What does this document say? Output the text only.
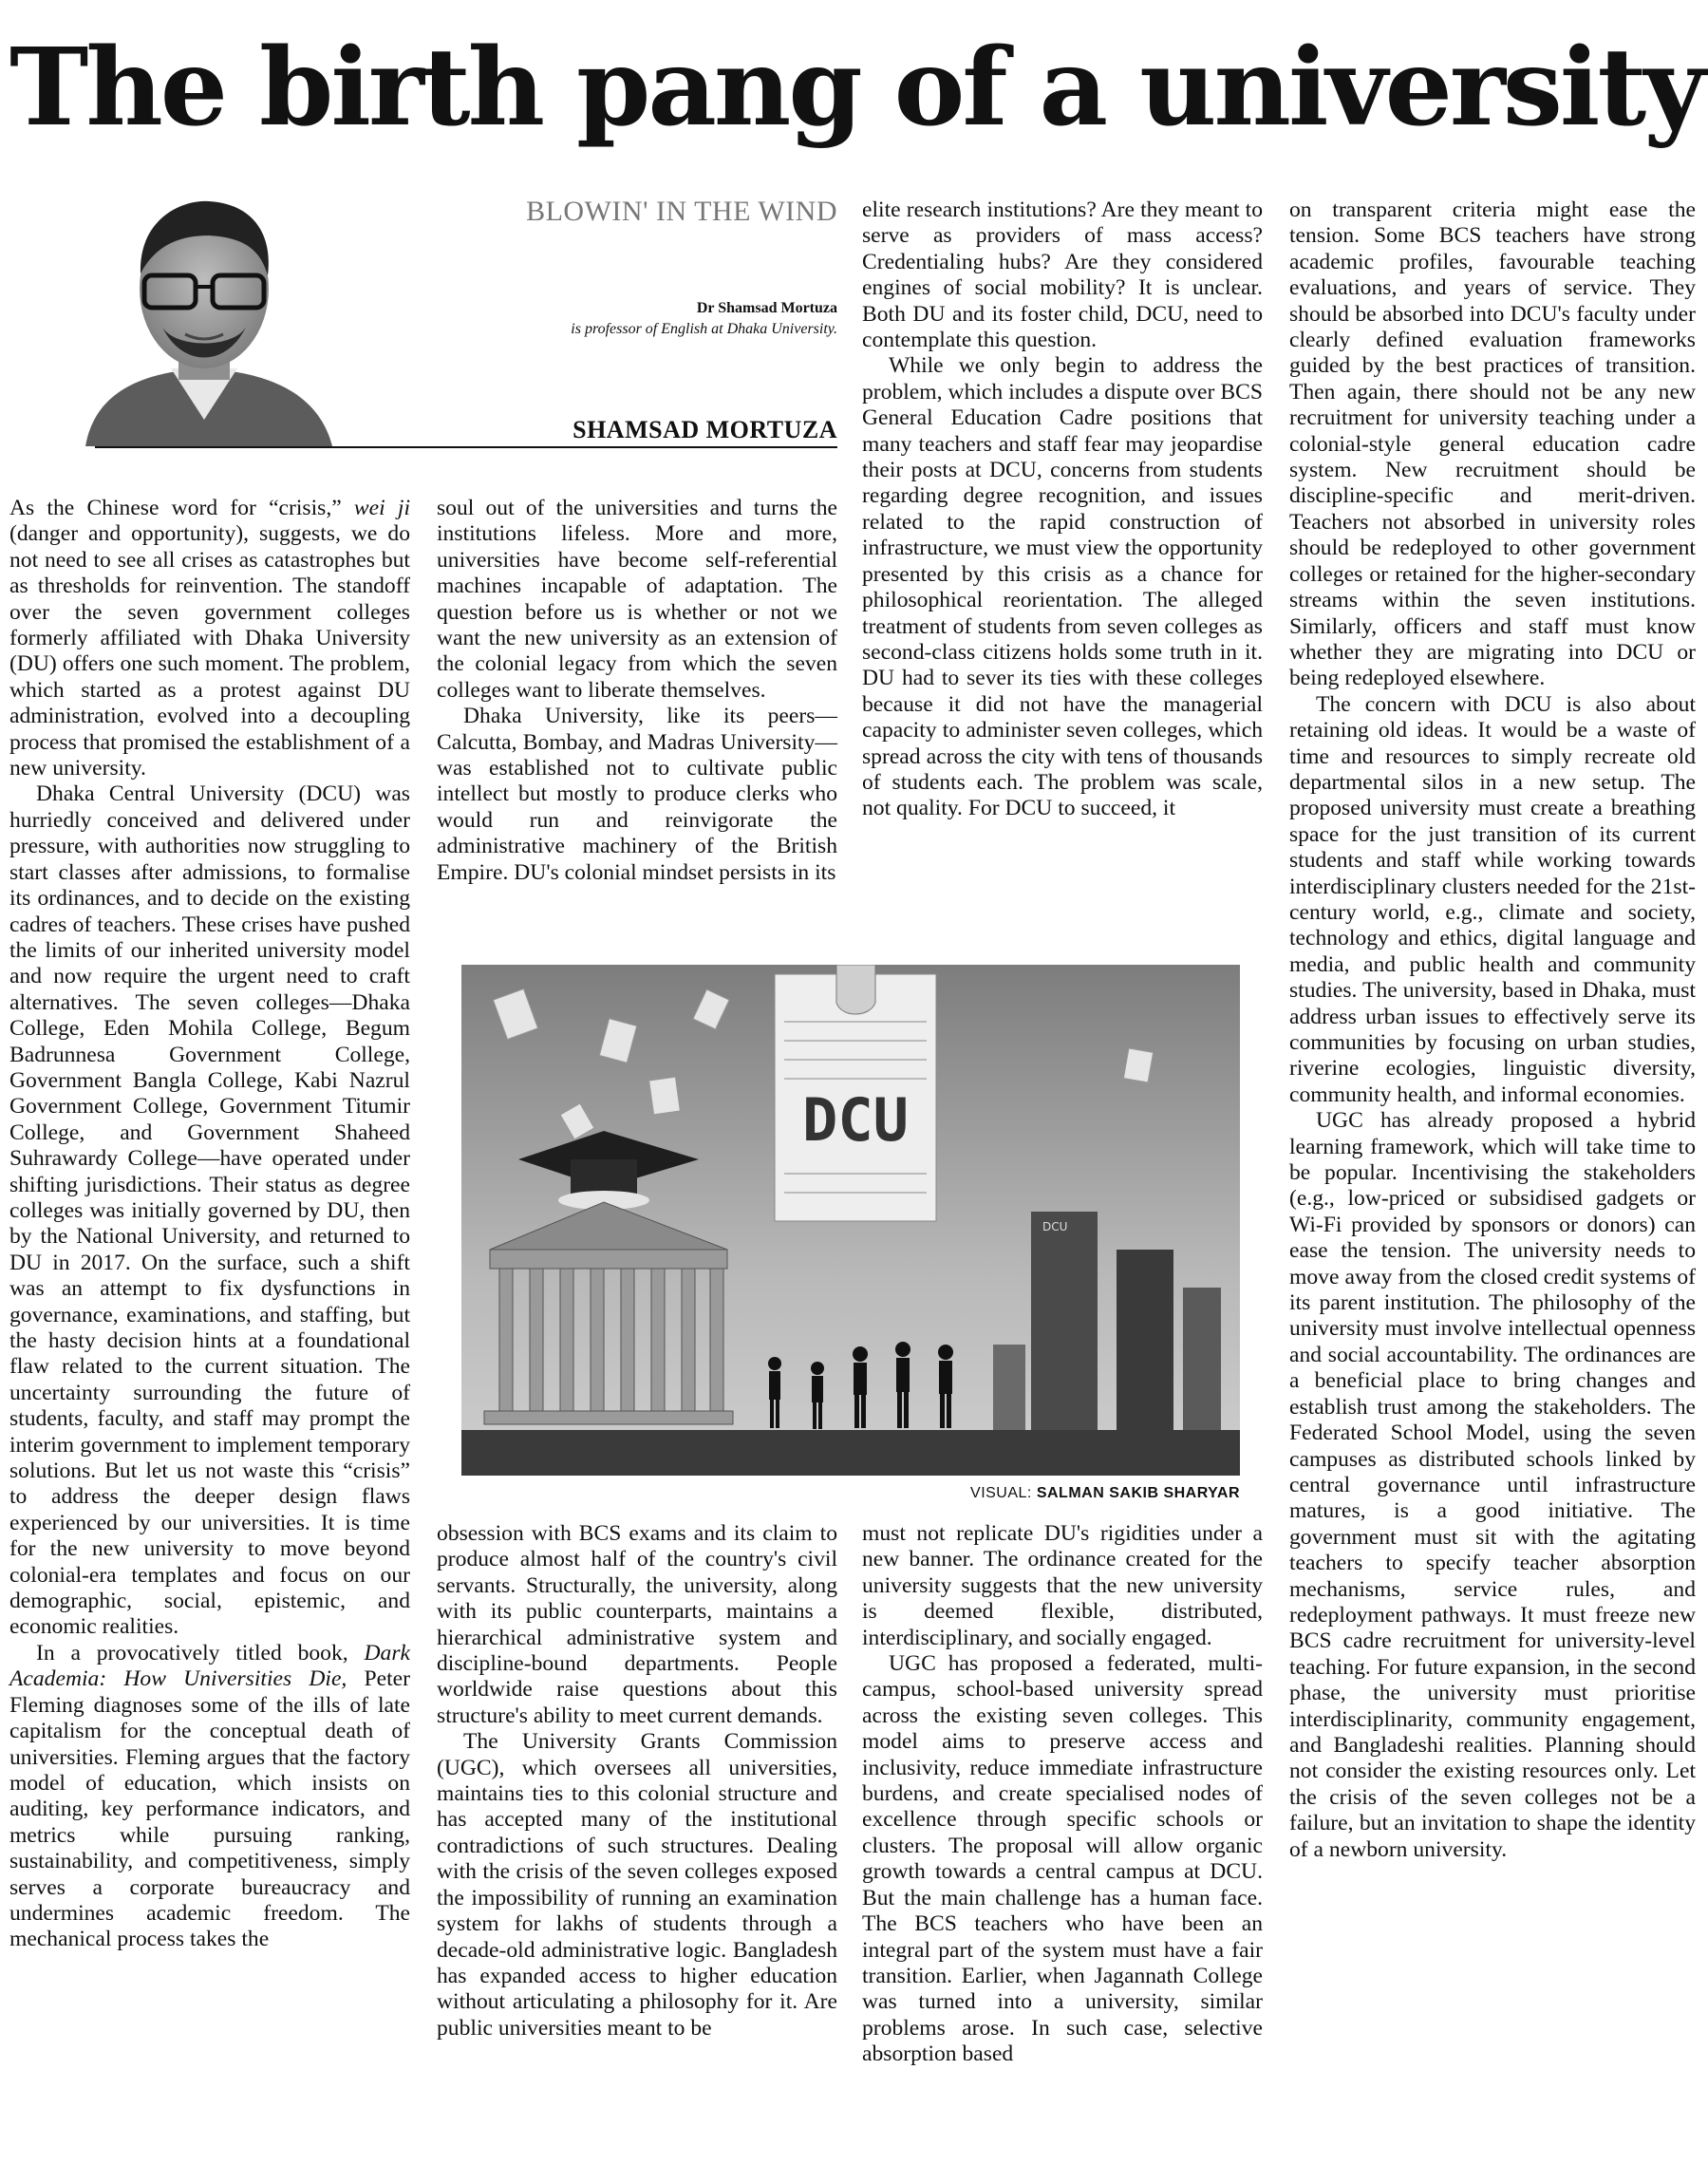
The birth pang of a university
BLOWIN' IN THE WIND
Dr Shamsad Mortuza
is professor of English at Dhaka University.
SHAMSAD MORTUZA

As the Chinese word for “crisis,” wei ji (danger and opportunity), suggests, we do not need to see all crises as catastrophes but as thresholds for reinvention. The standoff over the seven government colleges formerly affiliated with Dhaka University (DU) offers one such moment. The problem, which started as a protest against DU administration, evolved into a decoupling process that promised the establishment of a new university.

Dhaka Central University (DCU) was hurriedly conceived and delivered under pressure, with authorities now struggling to start classes after admissions, to formalise its ordinances, and to decide on the existing cadres of teachers. These crises have pushed the limits of our inherited university model and now require the urgent need to craft alternatives. The seven colleges—Dhaka College, Eden Mohila College, Begum Badrunnesa Government College, Government Bangla College, Kabi Nazrul Government College, Government Titumir College, and Government Shaheed Suhrawardy College—have operated under shifting jurisdictions. Their status as degree colleges was initially governed by DU, then by the National University, and returned to DU in 2017. On the surface, such a shift was an attempt to fix dysfunctions in governance, examinations, and staffing, but the hasty decision hints at a foundational flaw related to the current situation. The uncertainty surrounding the future of students, faculty, and staff may prompt the interim government to implement temporary solutions. But let us not waste this “crisis” to address the deeper design flaws experienced by our universities. It is time for the new university to move beyond colonial-era templates and focus on our demographic, social, epistemic, and economic realities.

In a provocatively titled book, Dark Academia: How Universities Die, Peter Fleming diagnoses some of the ills of late capitalism for the conceptual death of universities. Fleming argues that the factory model of education, which insists on auditing, key performance indicators, and metrics while pursuing ranking, sustainability, and competitiveness, simply serves a corporate bureaucracy and undermines academic freedom. The mechanical process takes the

soul out of the universities and turns the institutions lifeless. More and more, universities have become self-referential machines incapable of adaptation. The question before us is whether or not we want the new university as an extension of the colonial legacy from which the seven colleges want to liberate themselves.

Dhaka University, like its peers—Calcutta, Bombay, and Madras University—was established not to cultivate public intellect but mostly to produce clerks who would run and reinvigorate the administrative machinery of the British Empire. DU's colonial mindset persists in its

elite research institutions? Are they meant to serve as providers of mass access? Credentialing hubs? Are they considered engines of social mobility? It is unclear. Both DU and its foster child, DCU, need to contemplate this question.

While we only begin to address the problem, which includes a dispute over BCS General Education Cadre positions that many teachers and staff fear may jeopardise their posts at DCU, concerns from students regarding degree recognition, and issues related to the rapid construction of infrastructure, we must view the opportunity presented by this crisis as a chance for philosophical reorientation. The alleged treatment of students from seven colleges as second-class citizens holds some truth in it. DU had to sever its ties with these colleges because it did not have the managerial capacity to administer seven colleges, which spread across the city with tens of thousands of students each. The problem was scale, not quality. For DCU to succeed, it

DCU
DCU
VISUAL: SALMAN SAKIB SHARYAR

obsession with BCS exams and its claim to produce almost half of the country's civil servants. Structurally, the university, along with its public counterparts, maintains a hierarchical administrative system and discipline-bound departments. People worldwide raise questions about this structure's ability to meet current demands.

The University Grants Commission (UGC), which oversees all universities, maintains ties to this colonial structure and has accepted many of the institutional contradictions of such structures. Dealing with the crisis of the seven colleges exposed the impossibility of running an examination system for lakhs of students through a decade-old administrative logic. Bangladesh has expanded access to higher education without articulating a philosophy for it. Are public universities meant to be

must not replicate DU's rigidities under a new banner. The ordinance created for the university suggests that the new university is deemed flexible, distributed, interdisciplinary, and socially engaged.

UGC has proposed a federated, multi-campus, school-based university spread across the existing seven colleges. This model aims to preserve access and inclusivity, reduce immediate infrastructure burdens, and create specialised nodes of excellence through specific schools or clusters. The proposal will allow organic growth towards a central campus at DCU. But the main challenge has a human face. The BCS teachers who have been an integral part of the system must have a fair transition. Earlier, when Jagannath College was turned into a university, similar problems arose. In such case, selective absorption based

on transparent criteria might ease the tension. Some BCS teachers have strong academic profiles, favourable teaching evaluations, and years of service. They should be absorbed into DCU's faculty under clearly defined evaluation frameworks guided by the best practices of transition. Then again, there should not be any new recruitment for university teaching under a colonial-style general education cadre system. New recruitment should be discipline-specific and merit-driven. Teachers not absorbed in university roles should be redeployed to other government colleges or retained for the higher-secondary streams within the seven institutions. Similarly, officers and staff must know whether they are migrating into DCU or being redeployed elsewhere.

The concern with DCU is also about retaining old ideas. It would be a waste of time and resources to simply recreate old departmental silos in a new setup. The proposed university must create a breathing space for the just transition of its current students and staff while working towards interdisciplinary clusters needed for the 21st-century world, e.g., climate and society, technology and ethics, digital language and media, and public health and community studies. The university, based in Dhaka, must address urban issues to effectively serve its communities by focusing on urban studies, riverine ecologies, linguistic diversity, community health, and informal economies.

UGC has already proposed a hybrid learning framework, which will take time to be popular. Incentivising the stakeholders (e.g., low-priced or subsidised gadgets or Wi-Fi provided by sponsors or donors) can ease the tension. The university needs to move away from the closed credit systems of its parent institution. The philosophy of the university must involve intellectual openness and social accountability. The ordinances are a beneficial place to bring changes and establish trust among the stakeholders. The Federated School Model, using the seven campuses as distributed schools linked by central governance until infrastructure matures, is a good initiative. The government must sit with the agitating teachers to specify teacher absorption mechanisms, service rules, and redeployment pathways. It must freeze new BCS cadre recruitment for university-level teaching. For future expansion, in the second phase, the university must prioritise interdisciplinarity, community engagement, and Bangladeshi realities. Planning should not consider the existing resources only. Let the crisis of the seven colleges not be a failure, but an invitation to shape the identity of a newborn university.
